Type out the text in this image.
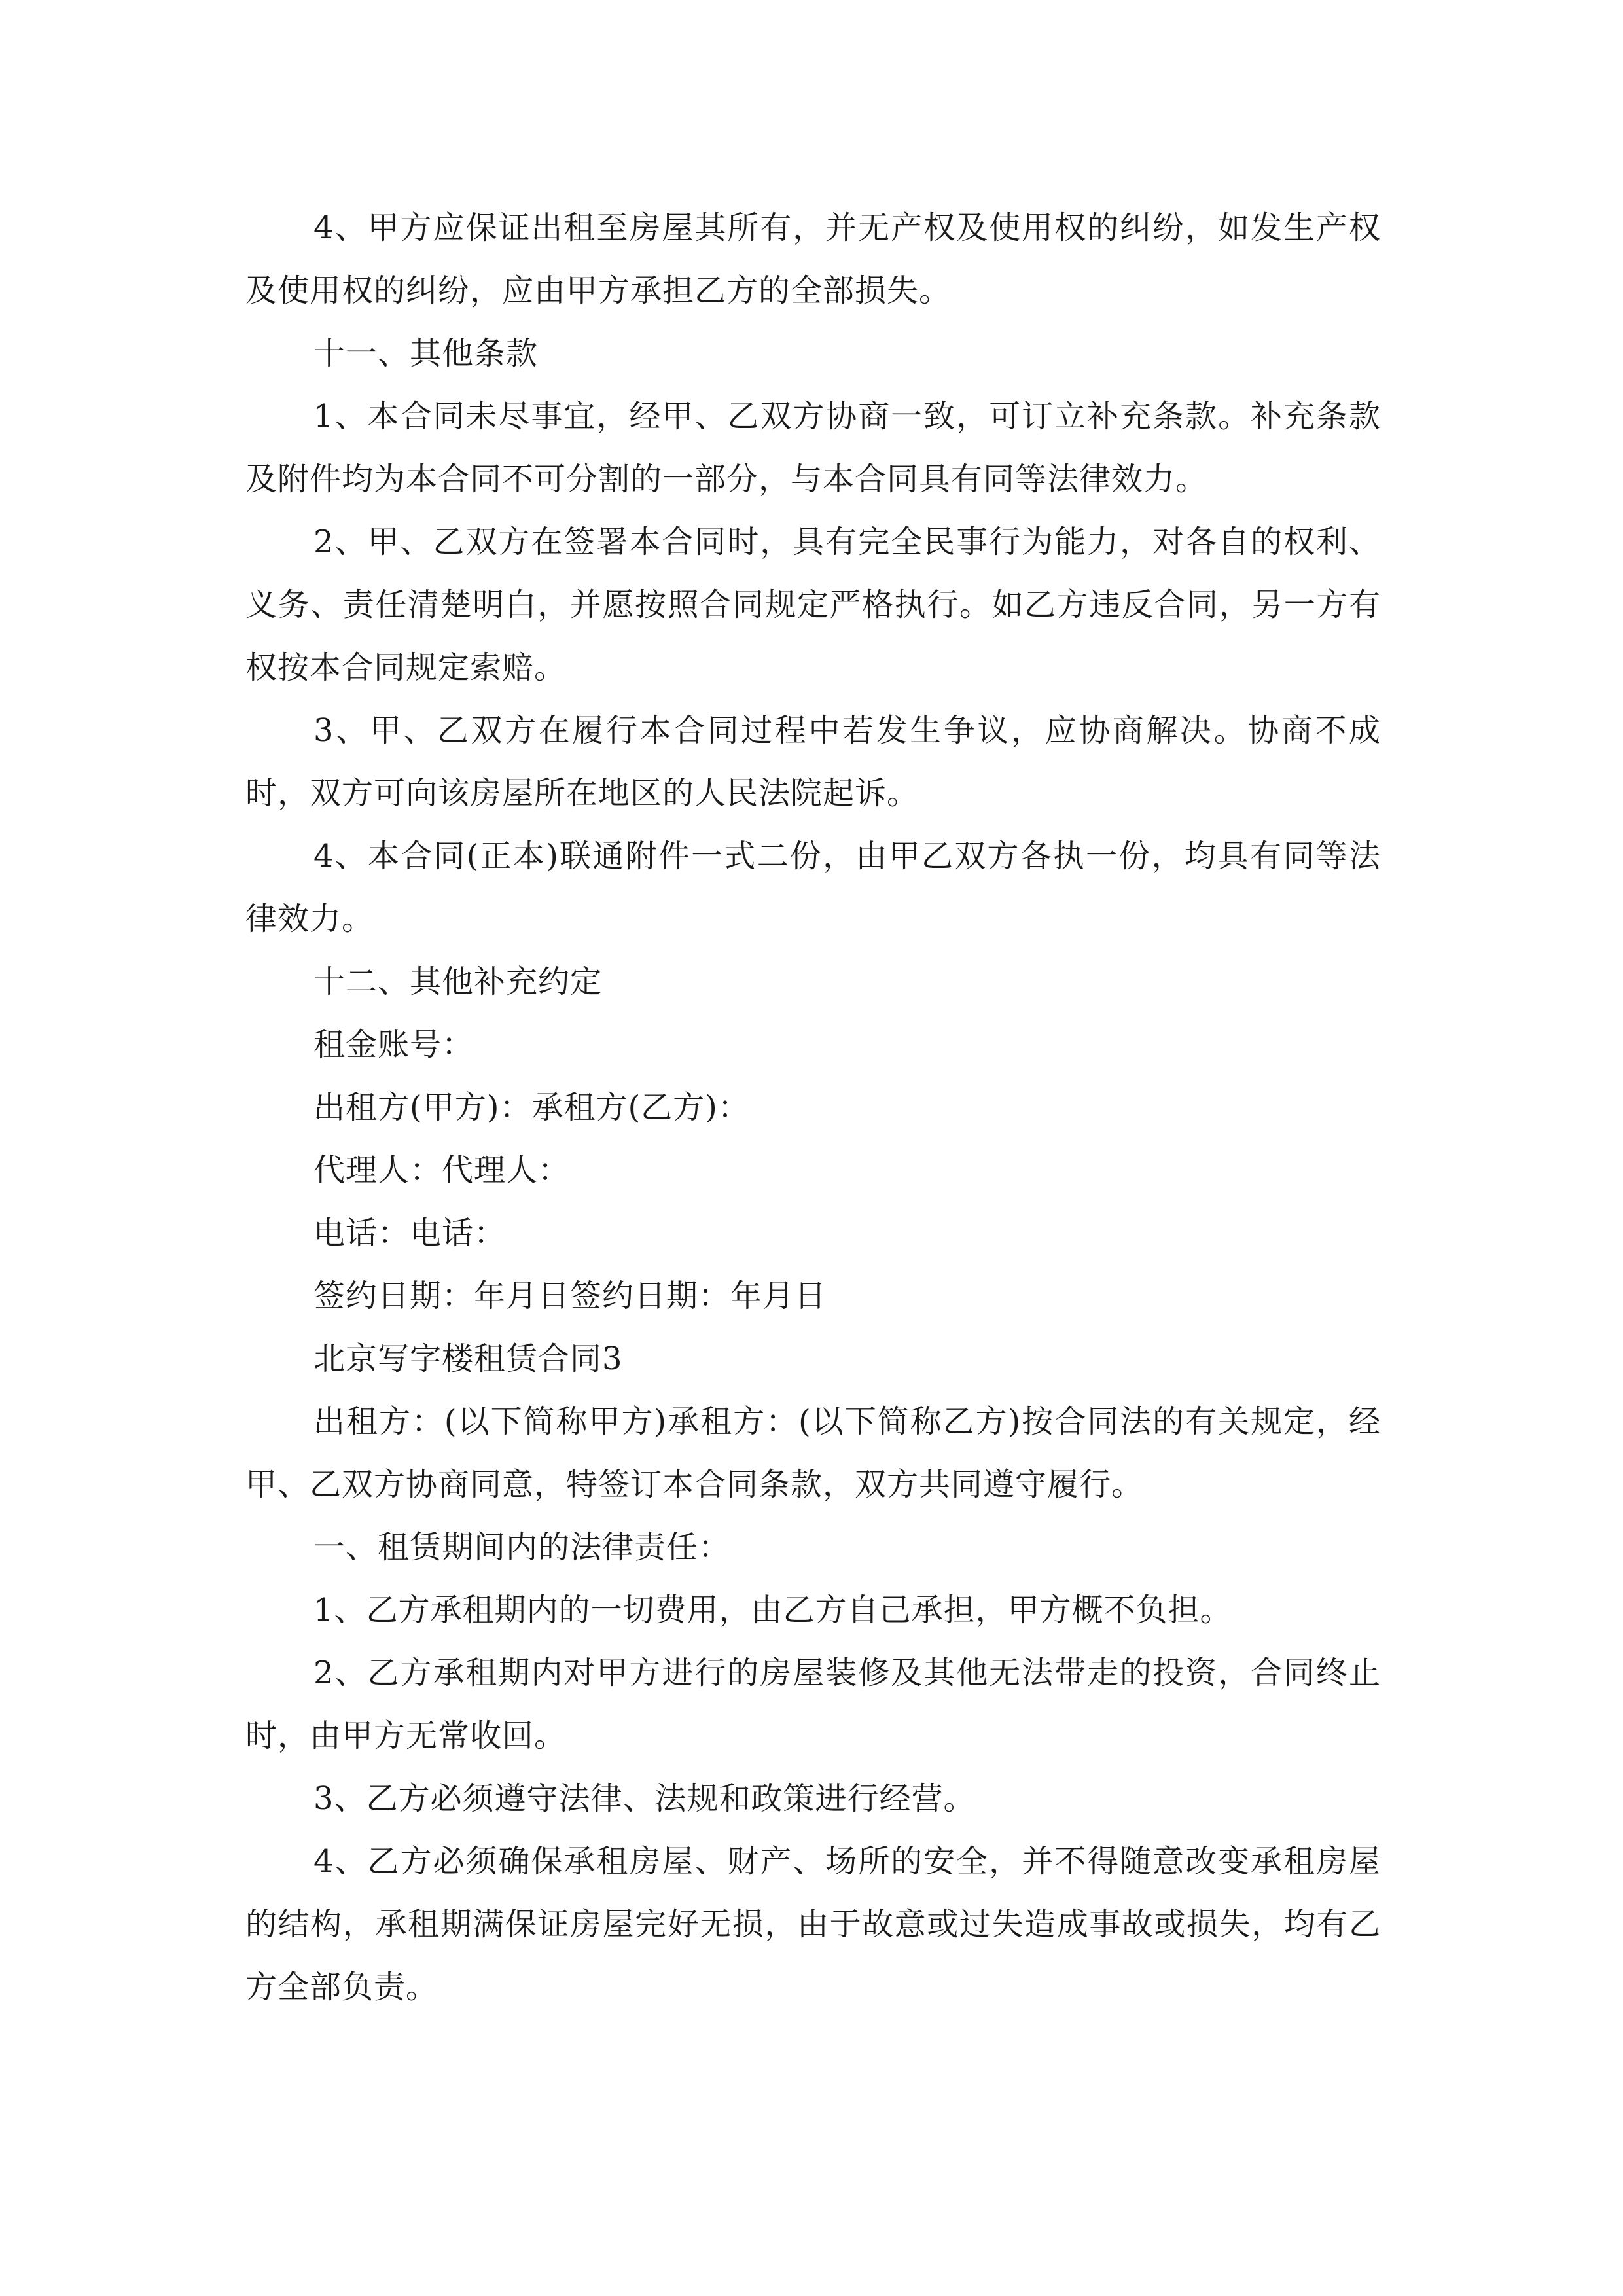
4、甲方应保证出租至房屋其所有，并无产权及使用权的纠纷，如发生产权及使用权的纠纷，应由甲方承担乙方的全部损失。

十一、其他条款

1、本合同未尽事宜，经甲、乙双方协商一致，可订立补充条款。补充条款及附件均为本合同不可分割的一部分，与本合同具有同等法律效力。

2、甲、乙双方在签署本合同时，具有完全民事行为能力，对各自的权利、义务、责任清楚明白，并愿按照合同规定严格执行。如乙方违反合同，另一方有权按本合同规定索赔。

3、甲、乙双方在履行本合同过程中若发生争议，应协商解决。协商不成时，双方可向该房屋所在地区的人民法院起诉。

4、本合同(正本)联通附件一式二份，由甲乙双方各执一份，均具有同等法律效力。

十二、其他补充约定

租金账号：

出租方(甲方)：承租方(乙方)：

代理人：代理人：

电话：电话：

签约日期：年月日签约日期：年月日

北京写字楼租赁合同3

出租方：(以下简称甲方)承租方：(以下简称乙方)按合同法的有关规定，经甲、乙双方协商同意，特签订本合同条款，双方共同遵守履行。

一、租赁期间内的法律责任：

1、乙方承租期内的一切费用，由乙方自己承担，甲方概不负担。

2、乙方承租期内对甲方进行的房屋装修及其他无法带走的投资，合同终止时，由甲方无常收回。

3、乙方必须遵守法律、法规和政策进行经营。

4、乙方必须确保承租房屋、财产、场所的安全，并不得随意改变承租房屋的结构，承租期满保证房屋完好无损，由于故意或过失造成事故或损失，均有乙方全部负责。
